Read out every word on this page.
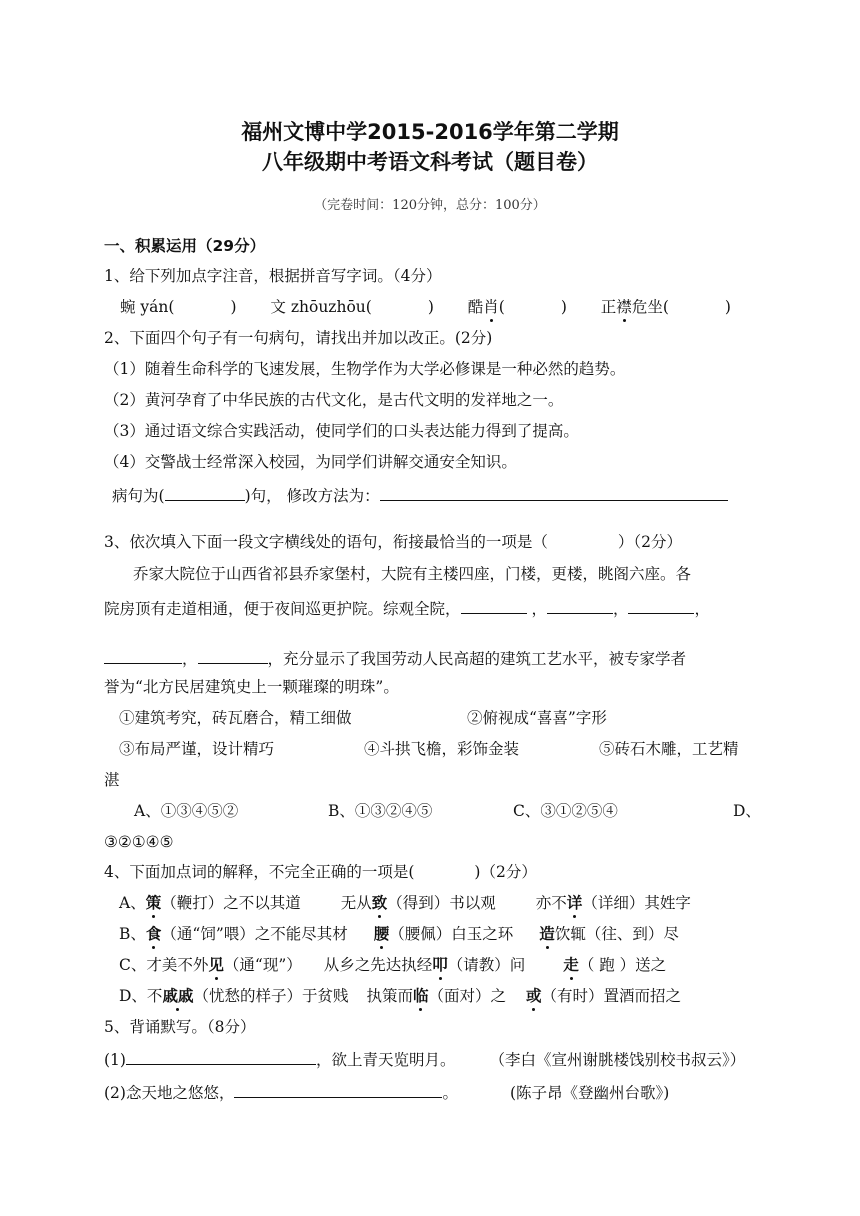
福州文博中学2015-2016学年第二学期
八年级期中考语文科考试（题目卷）
（完卷时间：120分钟，总分：100分）
一、积累运用（29分）
1、给下列加点字注音，根据拼音写字词。（4分）
蜿 yán(	) 文 zhōuzhōu(	) 酷肖(	) 正襟危坐(	)
2、下面四个句子有一句病句，请找出并加以改正。(2分)
（1）随着生命科学的飞速发展，生物学作为大学必修课是一种必然的趋势。
（2）黄河孕育了中华民族的古代文化，是古代文明的发祥地之一。
（3）通过语文综合实践活动，使同学们的口头表达能力得到了提高。
（4）交警战士经常深入校园，为同学们讲解交通安全知识。
病句为(	)句， 修改方法为：
3、依次填入下面一段文字横线处的语句，衔接最恰当的一项是（	）（2分）
乔家大院位于山西省祁县乔家堡村，大院有主楼四座，门楼，更楼，眺阁六座。各
院房顶有走道相通，便于夜间巡更护院。综观全院，	，	，	，
，	，充分显示了我国劳动人民高超的建筑工艺水平，被专家学者
誉为“北方民居建筑史上一颗璀璨的明珠”。
①建筑考究，砖瓦磨合，精工细做	②俯视成“喜喜”字形
③布局严谨，设计精巧	④斗拱飞檐，彩饰金装	⑤砖石木雕，工艺精
湛
A、①③④⑤②	B、①③②④⑤	C、③①②⑤④	D、
③②①④⑤
4、下面加点词的解释，不完全正确的一项是(	)（2分）
A、策（鞭打）之不以其道	无从致（得到）书以观	亦不详（详细）其姓字
B、食（通“饲”喂）之不能尽其材 腰（腰佩）白玉之环 造饮辄（往、到）尽
C、才美不外见（通“现”） 从乡之先达执经叩（请教）问 走（ 跑 ）送之
D、不戚戚（忧愁的样子）于贫贱 执策而临（面对）之 或（有时）置酒而招之
5、背诵默写。（8分）
(1)	，欲上青天览明月。 （李白《宣州谢朓楼饯别校书叔云》）
(2)念天地之悠悠，	。	(陈子昂《登幽州台歌》)
